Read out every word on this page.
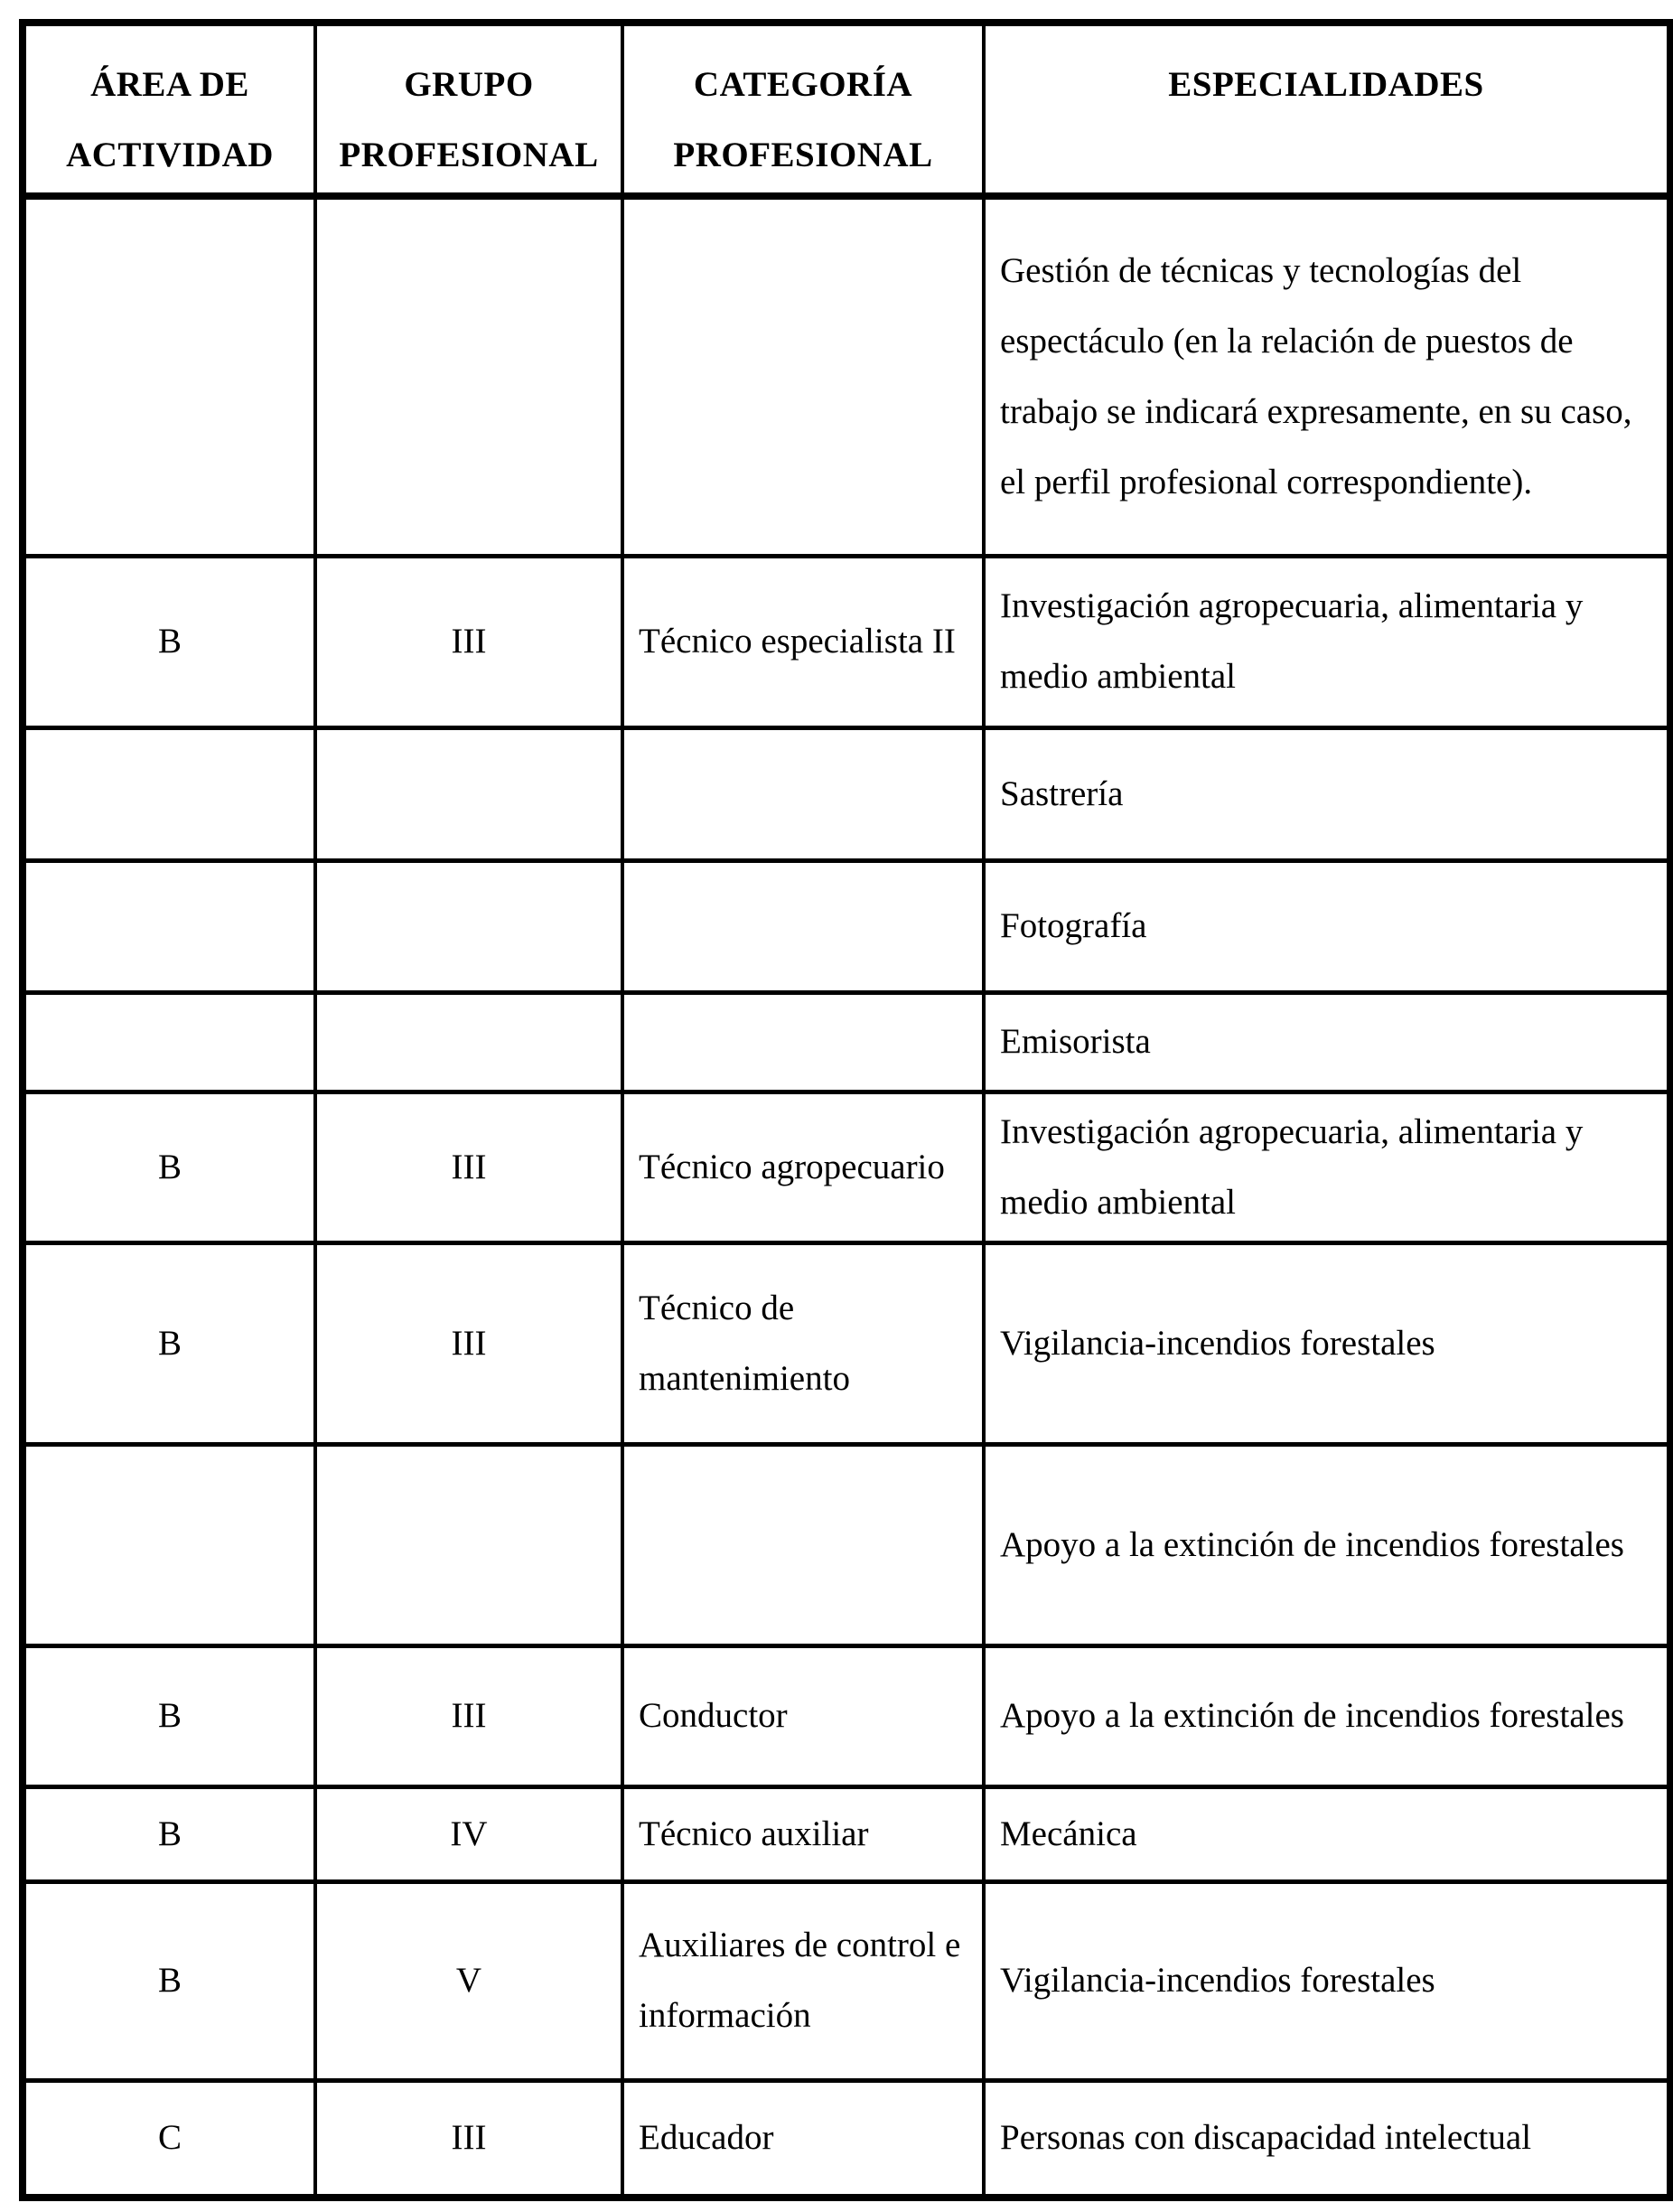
ÁREA DE ACTIVIDAD	GRUPO PROFESIONAL	CATEGORÍA PROFESIONAL	ESPECIALIDADES
			Gestión de técnicas y tecnologías del espectáculo (en la relación de puestos de trabajo se indicará expresamente, en su caso, el perfil profesional correspondiente).
B	III	Técnico especialista II	Investigación agropecuaria, alimentaria y medio ambiental
			Sastrería
			Fotografía
			Emisorista
B	III	Técnico agropecuario	Investigación agropecuaria, alimentaria y medio ambiental
B	III	Técnico de mantenimiento	Vigilancia-incendios forestales
			Apoyo a la extinción de incendios forestales
B	III	Conductor	Apoyo a la extinción de incendios forestales
B	IV	Técnico auxiliar	Mecánica
B	V	Auxiliares de control e información	Vigilancia-incendios forestales
C	III	Educador	Personas con discapacidad intelectual
